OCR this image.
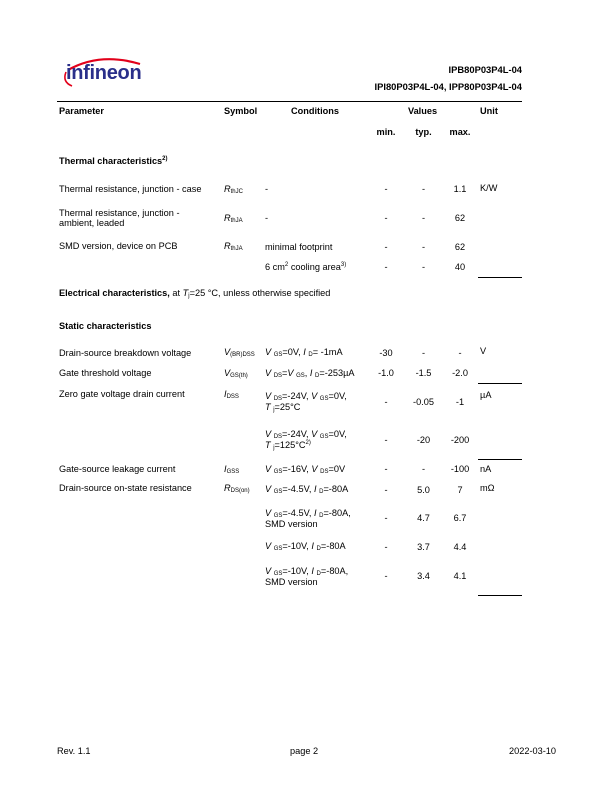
infineon	IPB80P03P4L-04
IPI80P03P4L-04, IPP80P03P4L-04
Parameter	Symbol	Conditions	Values			Unit
			min.	typ.	max.	
Thermal characteristics$^{2)}$
Thermal resistance, junction - case	RthJC	-	-	-	1.1	K/W
Thermal resistance, junction -
ambient, leaded	RthJA	-	-	-	62	
SMD version, device on PCB	RthJA	minimal footprint	-	-	62	
		6 $cm^2$ cooling area$^{3)}$	-	-	40	
Electrical characteristics, at Tj=25 °C, unless otherwise specified						
Static characteristics						
Drain-source breakdown voltage	V(BR)DSS	V GS=0V, I D= -1mA	-30	-	-	V
Gate threshold voltage	VGS(th)	V DS=V GS, I D=-253µA	-1.0	-1.5	-2.0	
Zero gate voltage drain current	IDSS	V DS=-24V, V GS=0V,
T j=25°C	-	-0.05	-1	µA
		V DS=-24V, V GS=0V,
T $j=125^\circ C^{2)}$	-	-20	-200	
Gate-source leakage current	IGSS	V GS=-16V, V DS=0V	-	-	-100	nA
Drain-source on-state resistance	RDS(on)	V GS=-4.5V, I D=-80A	-	5.0	7	mΩ
		V GS=-4.5V, I D=-80A,
SMD version	-	4.7	6.7	
		V GS=-10V, I D=-80A	-	3.7	4.4	
		V GS=-10V, I D=-80A,
SMD version	-	3.4	4.1	
Rev. 1.1	page 2	2022-03-10
